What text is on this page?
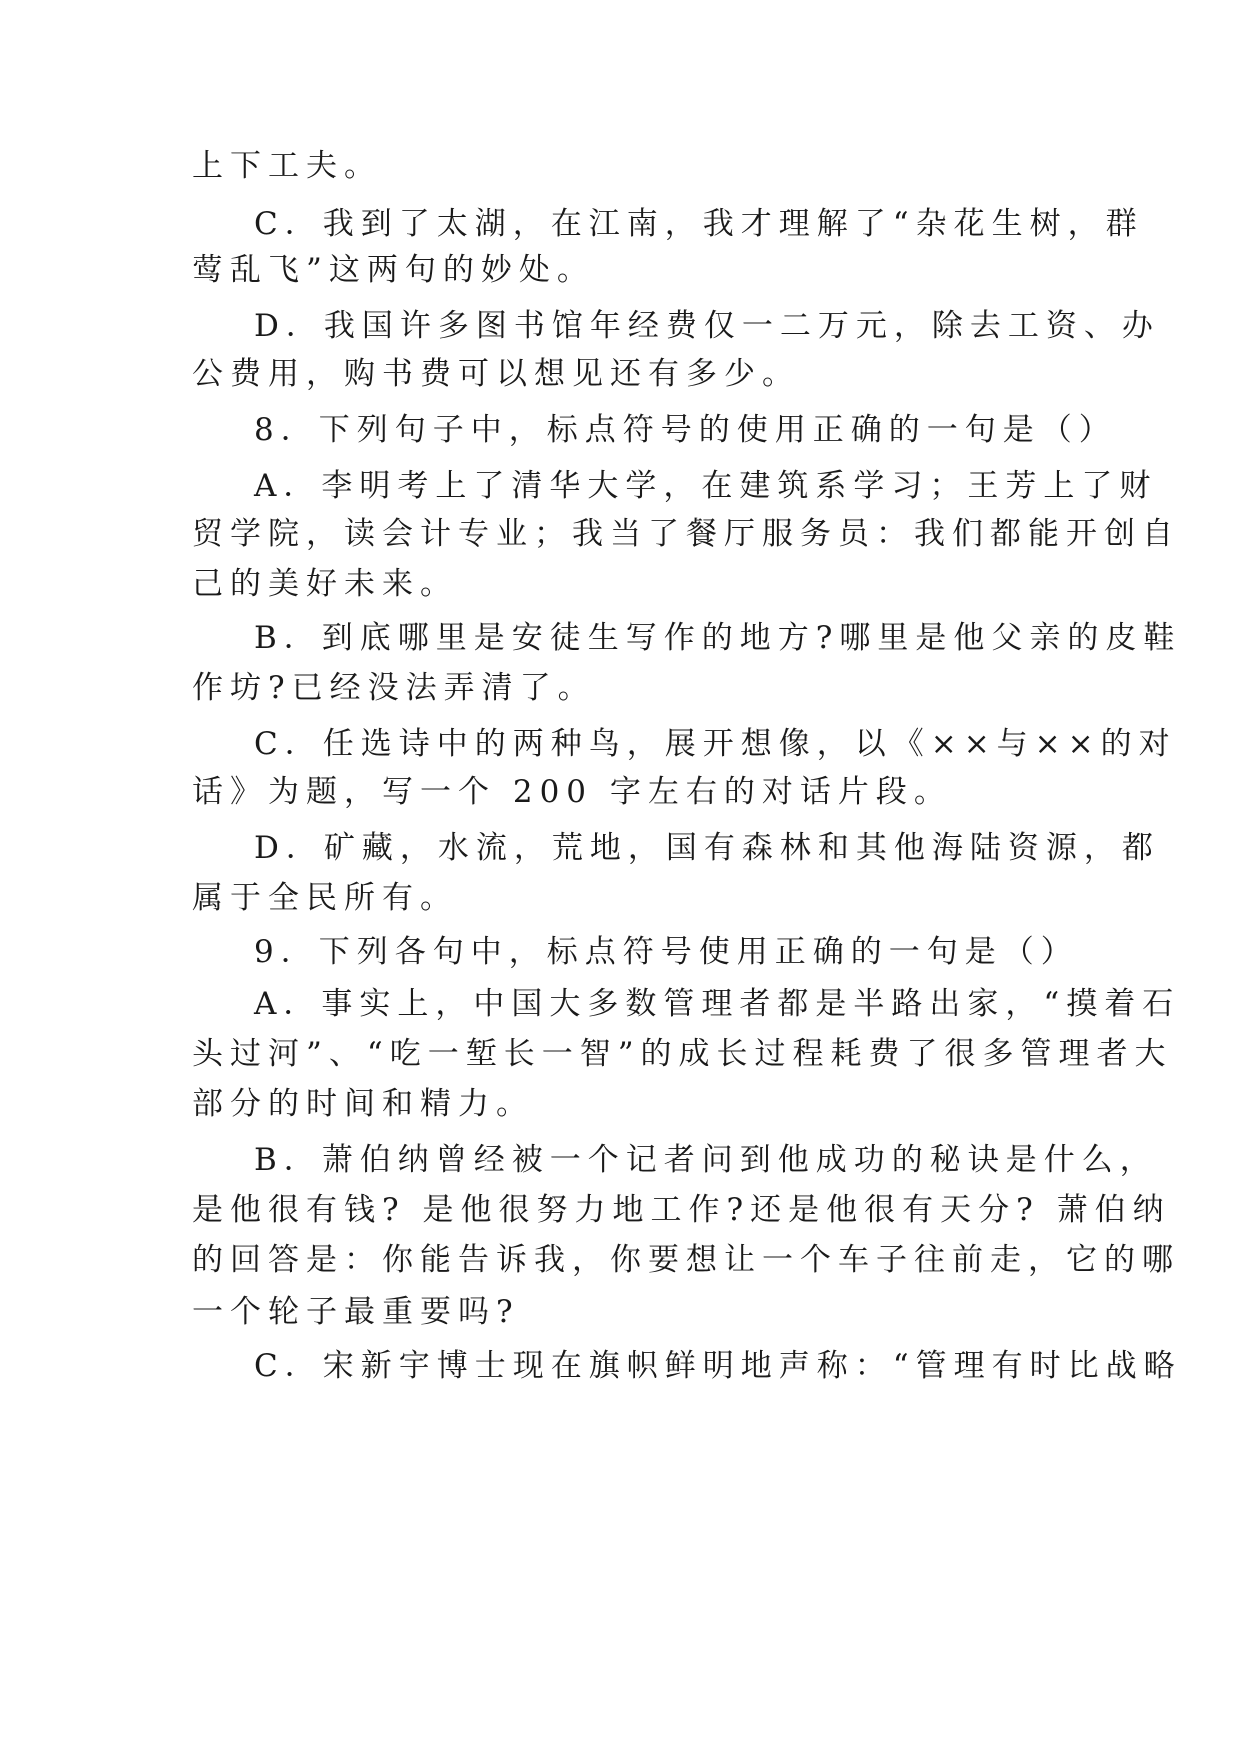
上下工夫。
C．我到了太湖，在江南，我才理解了“杂花生树，群
莺乱飞”这两句的妙处。
D．我国许多图书馆年经费仅一二万元，除去工资、办
公费用，购书费可以想见还有多少。
8．下列句子中，标点符号的使用正确的一句是（）
A．李明考上了清华大学，在建筑系学习；王芳上了财
贸学院，读会计专业；我当了餐厅服务员：我们都能开创自
己的美好未来。
B．到底哪里是安徒生写作的地方?哪里是他父亲的皮鞋
作坊?已经没法弄清了。
C．任选诗中的两种鸟，展开想像，以《××与××的对
话》为题，写一个 200 字左右的对话片段。
D．矿藏，水流，荒地，国有森林和其他海陆资源，都
属于全民所有。
9．下列各句中，标点符号使用正确的一句是（）
A．事实上，中国大多数管理者都是半路出家，“摸着石
头过河”、“吃一堑长一智”的成长过程耗费了很多管理者大
部分的时间和精力。
B．萧伯纳曾经被一个记者问到他成功的秘诀是什么，
是他很有钱? 是他很努力地工作?还是他很有天分? 萧伯纳
的回答是：你能告诉我，你要想让一个车子往前走，它的哪
一个轮子最重要吗?
C．宋新宇博士现在旗帜鲜明地声称：“管理有时比战略
